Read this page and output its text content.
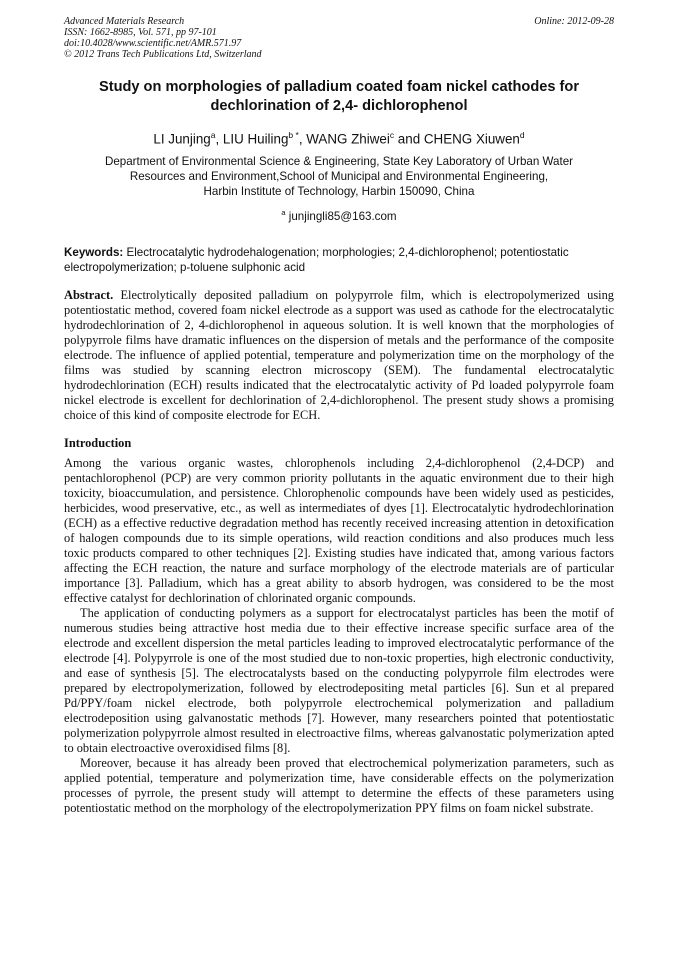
Advanced Materials Research
ISSN: 1662-8985, Vol. 571, pp 97-101
doi:10.4028/www.scientific.net/AMR.571.97
© 2012 Trans Tech Publications Ltd, Switzerland
Online: 2012-09-28
Study on morphologies of palladium coated foam nickel cathodes for
dechlorination of 2,4- dichlorophenol
LI Junjing$^a$, LIU Huiling$^{b *}$, WANG Zhiwei$^c$ and CHENG Xiuwen$^d$
Department of Environmental Science & Engineering, State Key Laboratory of Urban Water
Resources and Environment,School of Municipal and Environmental Engineering,
Harbin Institute of Technology, Harbin 150090, China
$^a$ junjingli85@163.com
Keywords: Electrocatalytic hydrodehalogenation; morphologies; 2,4-dichlorophenol; potentiostatic electropolymerization; p-toluene sulphonic acid
Abstract. Electrolytically deposited palladium on polypyrrole film, which is electropolymerized using potentiostatic method, covered foam nickel electrode as a support was used as cathode for the electrocatalytic hydrodechlorination of 2, 4-dichlorophenol in aqueous solution. It is well known that the morphologies of polypyrrole films have dramatic influences on the dispersion of metals and the performance of the composite electrode. The influence of applied potential, temperature and polymerization time on the morphology of the films was studied by scanning electron microscopy (SEM). The fundamental electrocatalytic hydrodechlorination (ECH) results indicated that the electrocatalytic activity of Pd loaded polypyrrole foam nickel electrode is excellent for dechlorination of 2,4-dichlorophenol. The present study shows a promising choice of this kind of composite electrode for ECH.
Introduction

Among the various organic wastes, chlorophenols including 2,4-dichlorophenol (2,4-DCP) and pentachlorophenol (PCP) are very common priority pollutants in the aquatic environment due to their high toxicity, bioaccumulation, and persistence. Chlorophenolic compounds have been widely used as pesticides, herbicides, wood preservative, etc., as well as intermediates of dyes [1]. Electrocatalytic hydrodechlorination (ECH) as a effective reductive degradation method has recently received increasing attention in detoxification of halogen compounds due to its simple operations, wild reaction conditions and also produces much less toxic products compared to other techniques [2]. Existing studies have indicated that, among various factors affecting the ECH reaction, the nature and surface morphology of the electrode materials are of particular importance [3]. Palladium, which has a great ability to absorb hydrogen, was considered to be the most effective catalyst for dechlorination of chlorinated organic compounds.

The application of conducting polymers as a support for electrocatalyst particles has been the motif of numerous studies being attractive host media due to their effective increase specific surface area of the electrode and excellent dispersion the metal particles leading to improved electrocatalytic performance of the electrode [4]. Polypyrrole is one of the most studied due to non-toxic properties, high electronic conductivity, and ease of synthesis [5]. The electrocatalysts based on the conducting polypyrrole film electrodes were prepared by electropolymerization, followed by electrodepositing metal particles [6]. Sun et al prepared Pd/PPY/foam nickel electrode, both polypyrrole electrochemical polymerization and palladium electrodeposition using galvanostatic methods [7]. However, many researchers pointed that potentiostatic polymerization polypyrrole almost resulted in electroactive films, whereas galvanostatic polymerization apted to obtain electroactive overoxidised films [8].

Moreover, because it has already been proved that electrochemical polymerization parameters, such as applied potential, temperature and polymerization time, have considerable effects on the polymerization processes of pyrrole, the present study will attempt to determine the effects of these parameters using potentiostatic method on the morphology of the electropolymerization PPY films on foam nickel substrate.
